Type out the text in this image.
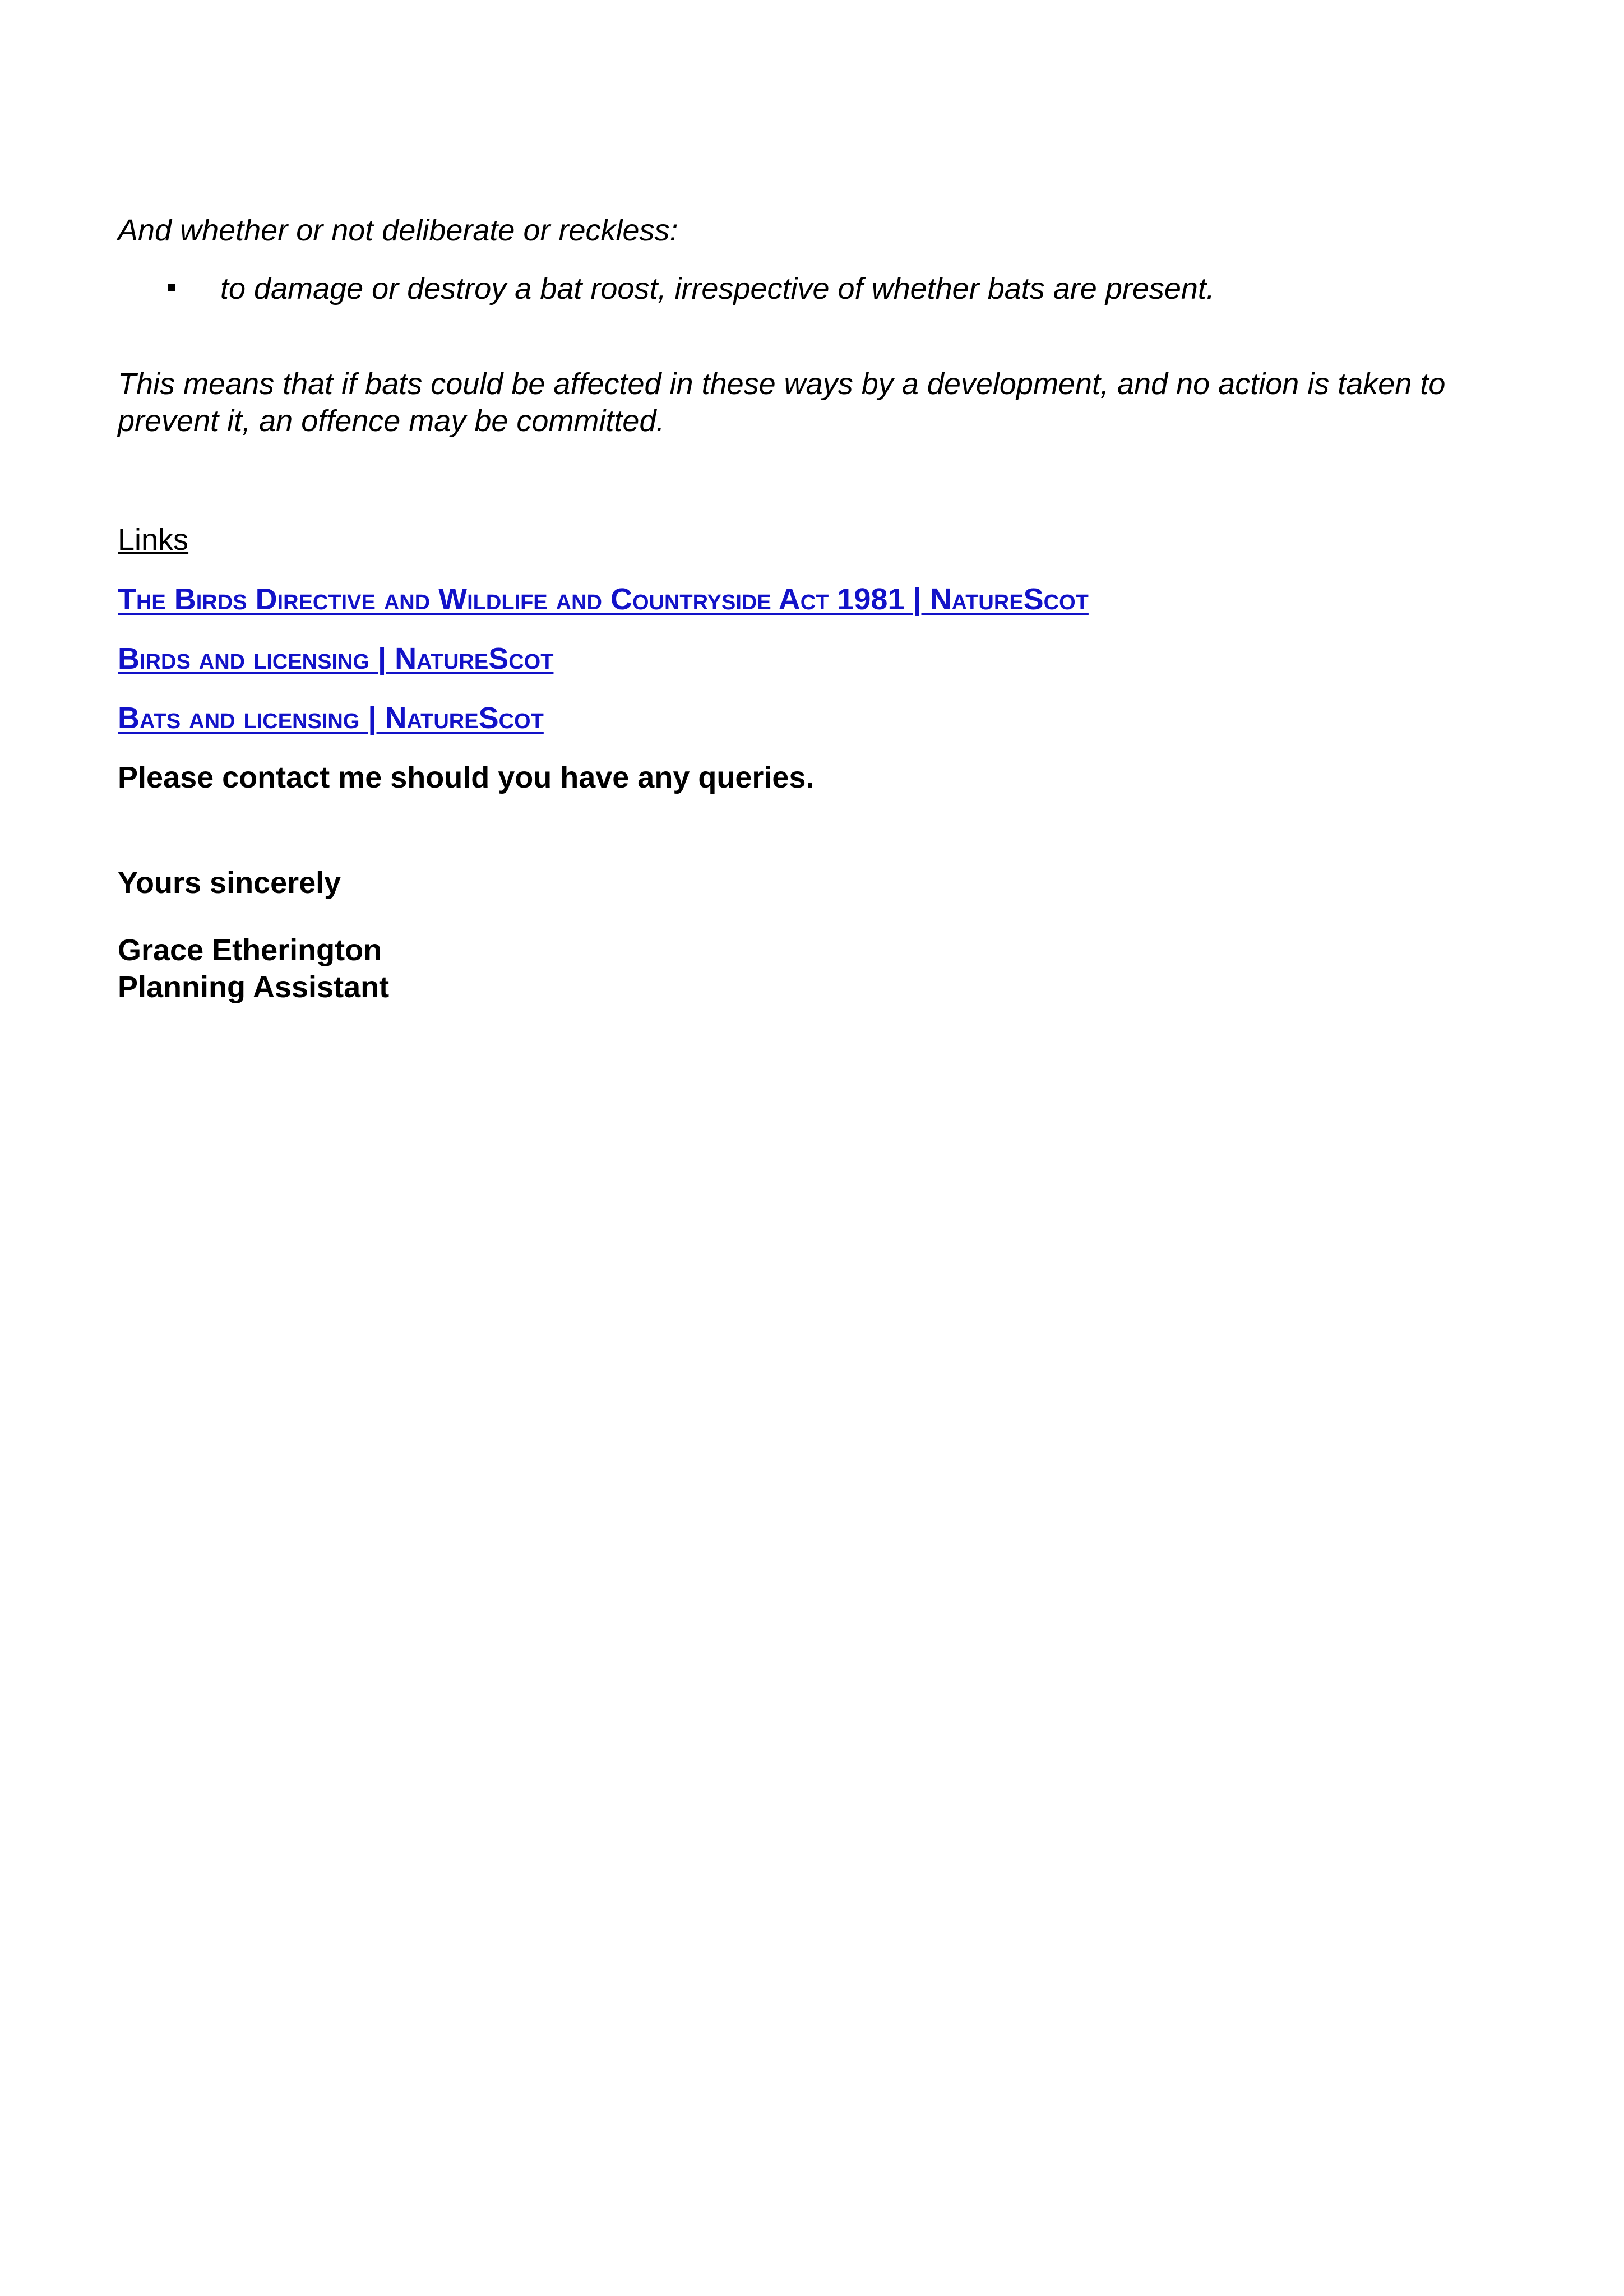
And whether or not deliberate or reckless:

to damage or destroy a bat roost, irrespective of whether bats are present.

This means that if bats could be affected in these ways by a development, and no action is taken to prevent it, an offence may be committed.

Links

The Birds Directive and Wildlife and Countryside Act 1981 | NatureScot
Birds and licensing | NatureScot
Bats and licensing | NatureScot

Please contact me should you have any queries.

Yours sincerely

Grace Etherington

Planning Assistant
